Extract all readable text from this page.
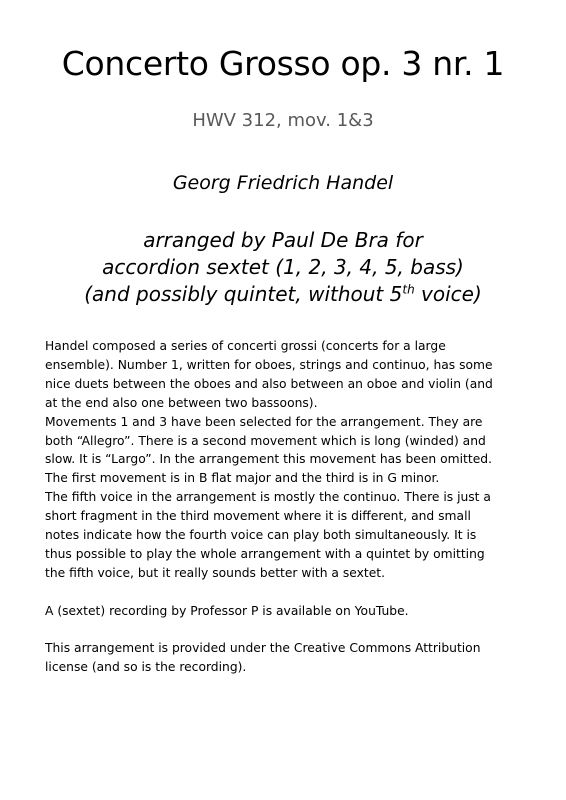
Concerto Grosso op. 3 nr. 1
HWV 312, mov. 1&3
Georg Friedrich Handel
arranged by Paul De Bra for
accordion sextet (1, 2, 3, 4, 5, bass)
(and possibly quintet, without 5th voice)
Handel composed a series of concerti grossi (concerts for a large
ensemble). Number 1, written for oboes, strings and continuo, has some
nice duets between the oboes and also between an oboe and violin (and
at the end also one between two bassoons).
Movements 1 and 3 have been selected for the arrangement. They are
both “Allegro”. There is a second movement which is long (winded) and
slow. It is “Largo”. In the arrangement this movement has been omitted.
The first movement is in B flat major and the third is in G minor.
The fifth voice in the arrangement is mostly the continuo. There is just a
short fragment in the third movement where it is different, and small
notes indicate how the fourth voice can play both simultaneously. It is
thus possible to play the whole arrangement with a quintet by omitting
the fifth voice, but it really sounds better with a sextet.
A (sextet) recording by Professor P is available on YouTube.
This arrangement is provided under the Creative Commons Attribution
license (and so is the recording).
